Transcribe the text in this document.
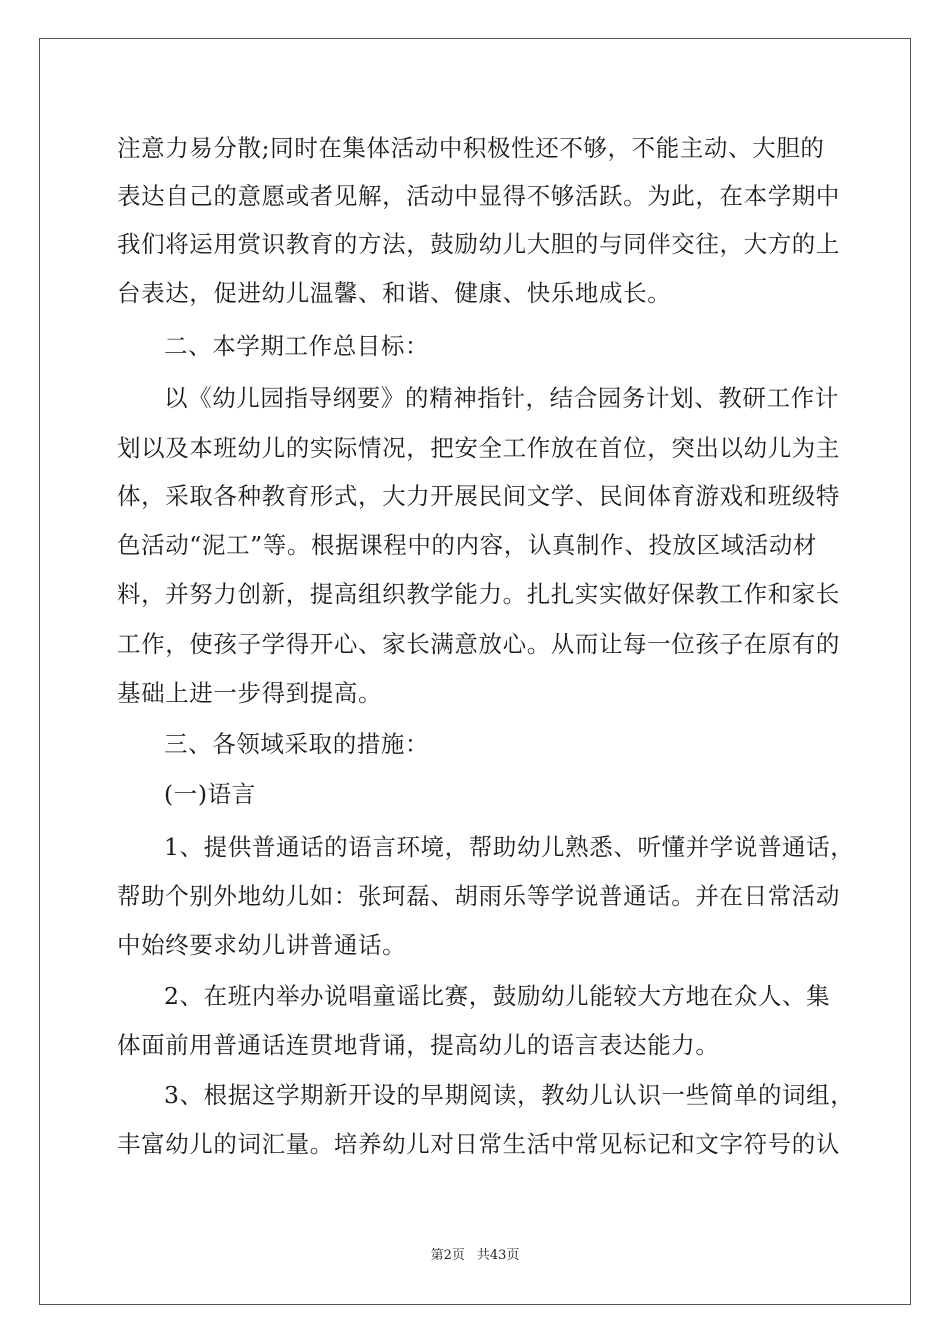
注意力易分散;同时在集体活动中积极性还不够，不能主动、大胆的
表达自己的意愿或者见解，活动中显得不够活跃。为此，在本学期中
我们将运用赏识教育的方法，鼓励幼儿大胆的与同伴交往，大方的上
台表达，促进幼儿温馨、和谐、健康、快乐地成长。
二、本学期工作总目标：
以《幼儿园指导纲要》的精神指针，结合园务计划、教研工作计
划以及本班幼儿的实际情况，把安全工作放在首位，突出以幼儿为主
体，采取各种教育形式，大力开展民间文学、民间体育游戏和班级特
色活动“泥工”等。根据课程中的内容，认真制作、投放区域活动材
料，并努力创新，提高组织教学能力。扎扎实实做好保教工作和家长
工作，使孩子学得开心、家长满意放心。从而让每一位孩子在原有的
基础上进一步得到提高。
三、各领域采取的措施：
(一)语言
1、提供普通话的语言环境，帮助幼儿熟悉、听懂并学说普通话，
帮助个别外地幼儿如：张珂磊、胡雨乐等学说普通话。并在日常活动
中始终要求幼儿讲普通话。
2、在班内举办说唱童谣比赛，鼓励幼儿能较大方地在众人、集
体面前用普通话连贯地背诵，提高幼儿的语言表达能力。
3、根据这学期新开设的早期阅读，教幼儿认识一些简单的词组，
丰富幼儿的词汇量。培养幼儿对日常生活中常见标记和文字符号的认
第2页 共43页
